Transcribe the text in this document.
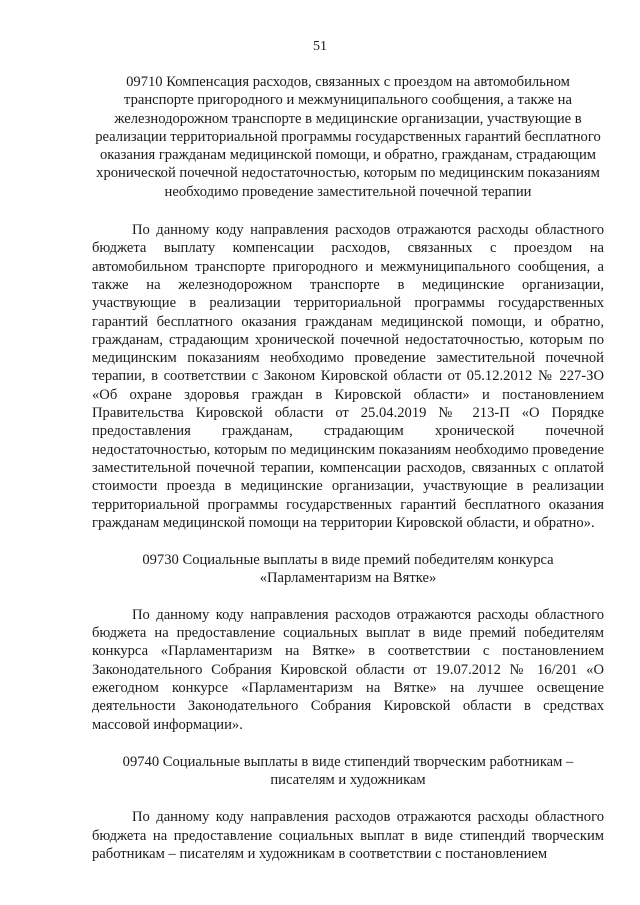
51

09710 Компенсация расходов, связанных с проездом на автомобильном транспорте пригородного и межмуниципального сообщения, а также на железнодорожном транспорте в медицинские организации, участвующие в реализации территориальной программы государственных гарантий бесплатного оказания гражданам медицинской помощи, и обратно, гражданам, страдающим хронической почечной недостаточностью, которым по медицинским показаниям необходимо проведение заместительной почечной терапии

По данному коду направления расходов отражаются расходы областного бюджета выплату компенсации расходов, связанных с проездом на автомобильном транспорте пригородного и межмуниципального сообщения, а также на железнодорожном транспорте в медицинские организации, участвующие в реализации территориальной программы государственных гарантий бесплатного оказания гражданам медицинской помощи, и обратно, гражданам, страдающим хронической почечной недостаточностью, которым по медицинским показаниям необходимо проведение заместительной почечной терапии, в соответствии с Законом Кировской области от 05.12.2012 № 227-ЗО «Об охране здоровья граждан в Кировской области» и постановлением Правительства Кировской области от 25.04.2019 № 213-П «О Порядке предоставления гражданам, страдающим хронической почечной недостаточностью, которым по медицинским показаниям необходимо проведение заместительной почечной терапии, компенсации расходов, связанных с оплатой стоимости проезда в медицинские организации, участвующие в реализации территориальной программы государственных гарантий бесплатного оказания гражданам медицинской помощи на территории Кировской области, и обратно».

09730 Социальные выплаты в виде премий победителям конкурса «Парламентаризм на Вятке»

По данному коду направления расходов отражаются расходы областного бюджета на предоставление социальных выплат в виде премий победителям конкурса «Парламентаризм на Вятке» в соответствии с постановлением Законодательного Собрания Кировской области от 19.07.2012 № 16/201 «О ежегодном конкурсе «Парламентаризм на Вятке» на лучшее освещение деятельности Законодательного Собрания Кировской области в средствах массовой информации».

09740 Социальные выплаты в виде стипендий творческим работникам – писателям и художникам

По данному коду направления расходов отражаются расходы областного бюджета на предоставление социальных выплат в виде стипендий творческим работникам – писателям и художникам в соответствии с постановлением
